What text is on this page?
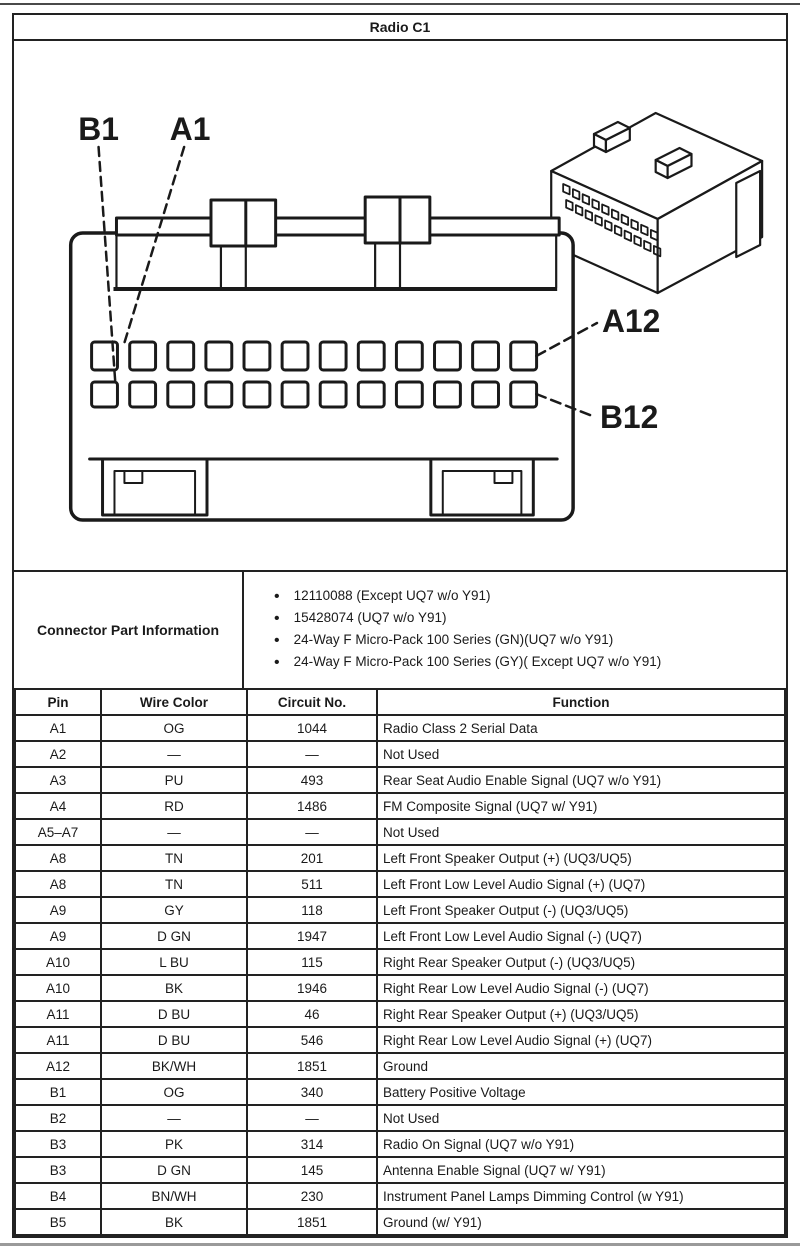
Radio C1
B1 A1
A12
B12
Connector Part Information
• 12110088 (Except UQ7 w/o Y91)
• 15428074 (UQ7 w/o Y91)
• 24-Way F Micro-Pack 100 Series (GN)(UQ7 w/o Y91)
• 24-Way F Micro-Pack 100 Series (GY)( Except UQ7 w/o Y91)
Pin	Wire Color	Circuit No.	Function
A1	OG	1044	Radio Class 2 Serial Data
A2	—	—	Not Used
A3	PU	493	Rear Seat Audio Enable Signal (UQ7 w/o Y91)
A4	RD	1486	FM Composite Signal (UQ7 w/ Y91)
A5–A7	—	—	Not Used
A8	TN	201	Left Front Speaker Output (+) (UQ3/UQ5)
A8	TN	511	Left Front Low Level Audio Signal (+) (UQ7)
A9	GY	118	Left Front Speaker Output (-) (UQ3/UQ5)
A9	D GN	1947	Left Front Low Level Audio Signal (-) (UQ7)
A10	L BU	115	Right Rear Speaker Output (-) (UQ3/UQ5)
A10	BK	1946	Right Rear Low Level Audio Signal (-) (UQ7)
A11	D BU	46	Right Rear Speaker Output (+) (UQ3/UQ5)
A11	D BU	546	Right Rear Low Level Audio Signal (+) (UQ7)
A12	BK/WH	1851	Ground
B1	OG	340	Battery Positive Voltage
B2	—	—	Not Used
B3	PK	314	Radio On Signal (UQ7 w/o Y91)
B3	D GN	145	Antenna Enable Signal (UQ7 w/ Y91)
B4	BN/WH	230	Instrument Panel Lamps Dimming Control (w Y91)
B5	BK	1851	Ground (w/ Y91)
